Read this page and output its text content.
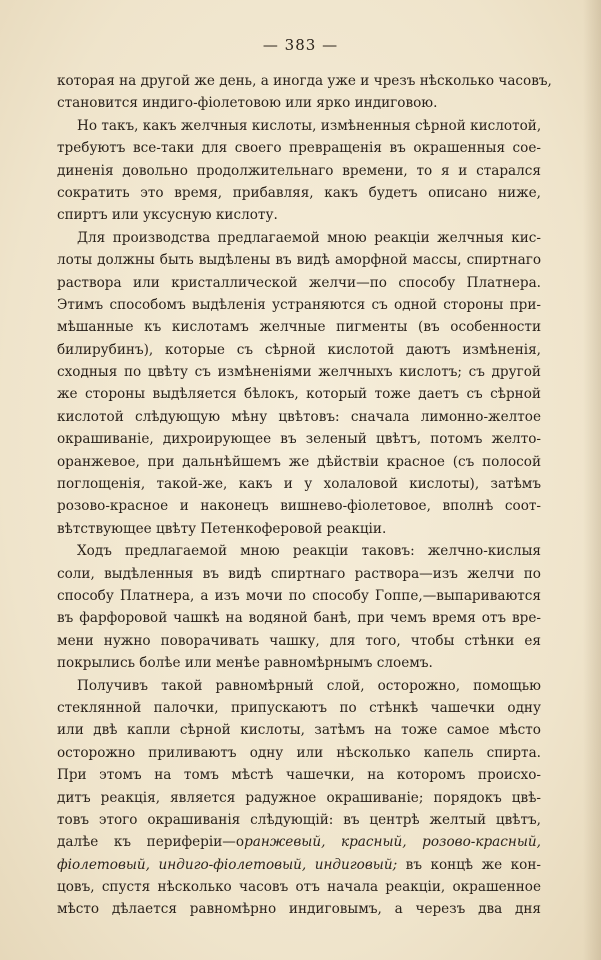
— 383 —
которая на другой же день, а иногда уже и чрезъ нѣсколько часовъ,
становится индиго-фіолетовою или ярко индиговою.
Но такъ, какъ желчныя кислоты, измѣненныя сѣрной кислотой,
требуютъ все-таки для своего превращенія въ окрашенныя сое-
диненія довольно продолжительнаго времени, то я и старался
сократить это время, прибавляя, какъ будетъ описано ниже,
спиртъ или уксусную кислоту.
Для производства предлагаемой мною реакціи желчныя кис-
лоты должны быть выдѣлены въ видѣ аморфной массы, спиртнаго
раствора или кристаллической желчи—по способу Платнера.
Этимъ способомъ выдѣленія устраняются съ одной стороны при-
мѣшанные къ кислотамъ желчные пигменты (въ особенности
билирубинъ), которые съ сѣрной кислотой даютъ измѣненія,
сходныя по цвѣту съ измѣненіями желчныхъ кислотъ; съ другой
же стороны выдѣляется бѣлокъ, который тоже даетъ съ сѣрной
кислотой слѣдующую мѣну цвѣтовъ: сначала лимонно-желтое
окрашиваніе, дихроирующее въ зеленый цвѣтъ, потомъ желто-
оранжевое, при дальнѣйшемъ же дѣйствіи красное (съ полосой
поглощенія, такой-же, какъ и у холаловой кислоты), затѣмъ
розово-красное и наконецъ вишнево-фіолетовое, вполнѣ соот-
вѣтствующее цвѣту Петенкоферовой реакціи.
Ходъ предлагаемой мною реакціи таковъ: желчно-кислыя
соли, выдѣленныя въ видѣ спиртнаго раствора—изъ желчи по
способу Платнера, а изъ мочи по способу Гоппе,—выпариваются
въ фарфоровой чашкѣ на водяной банѣ, при чемъ время отъ вре-
мени нужно поворачивать чашку, для того, чтобы стѣнки ея
покрылись болѣе или менѣе равномѣрнымъ слоемъ.
Получивъ такой равномѣрный слой, осторожно, помощью
стеклянной палочки, припускаютъ по стѣнкѣ чашечки одну
или двѣ капли сѣрной кислоты, затѣмъ на тоже самое мѣсто
осторожно приливаютъ одну или нѣсколько капель спирта.
При этомъ на томъ мѣстѣ чашечки, на которомъ происхо-
дитъ реакція, является радужное окрашиваніе; порядокъ цвѣ-
товъ этого окрашиванія слѣдующій: въ центрѣ желтый цвѣтъ,
далѣе къ периферіи—оранжевый, красный, розово-красный,
фіолетовый, индиго-фіолетовый, индиговый; въ концѣ же кон-
цовъ, спустя нѣсколько часовъ отъ начала реакціи, окрашенное
мѣсто дѣлается равномѣрно индиговымъ, а черезъ два дня
